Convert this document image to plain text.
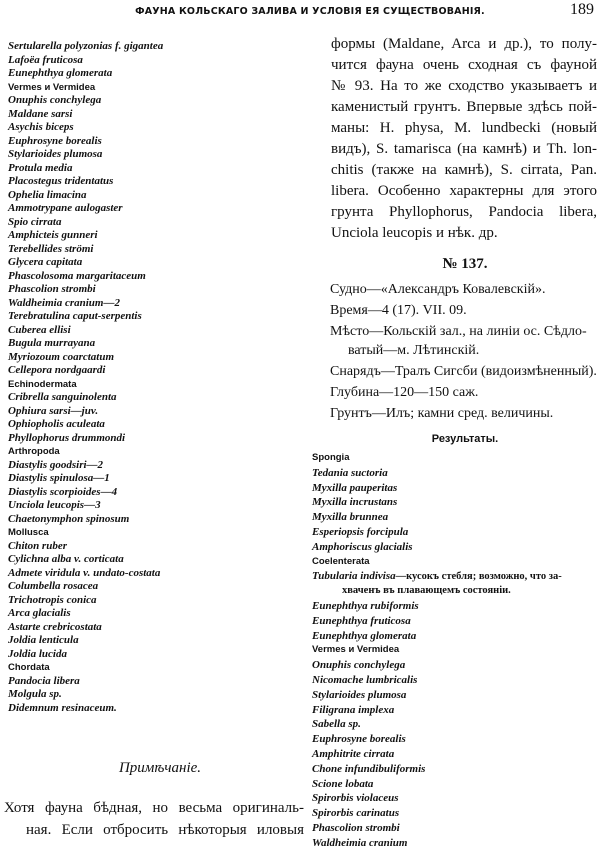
ФАУНА КОЛЬСКАГО ЗАЛИВА И УСЛОВІЯ ЕЯ СУЩЕСТВОВАНІЯ.	189
Sertularella polyzonias f. gigantea
Lafoëa fruticosa
Eunephthya glomerata
Vermes и Vermidea
Onuphis conchylega
Maldane sarsi
Asychis biceps
Euphrosyne borealis
Stylarioides plumosa
Protula media
Placostegus tridentatus
Ophelia limacina
Ammotrypane aulogaster
Spio cirrata
Amphicteis gunneri
Terebellides strömi
Glycera capitata
Phascolosoma margaritaceum
Phascolion strombi
Waldheimia cranium—2
Terebratulina caput-serpentis
Cuberea ellisi
Bugula murrayana
Myriozoum coarctatum
Cellepora nordgaardi
Echinodermata
Cribrella sanguinolenta
Ophiura sarsi—juv.
Ophiopholis aculeata
Phyllophorus drummondi
Arthropoda
Diastylis goodsiri—2
Diastylis spinulosa—1
Diastylis scorpioides—4
Unciola leucopis—3
Chaetonymphon spinosum
Mollusca
Chiton ruber
Cylichna alba v. corticata
Admete viridula v. undato-costata
Columbella rosacea
Trichotropis conica
Arca glacialis
Astarte crebricostata
Joldia lenticula
Joldia lucida
Chordata
Pandocia libera
Molgula sp.
Didemnum resinaceum.
Примѣчаніе.
Хотя фауна бѣдная, но весьма оригиналь-
ная. Если отбросить нѣкоторыя иловыя
формы (Maldane, Arca и др.), то полу-
чится фауна очень сходная съ фауной
№ 93. На то же сходство указываетъ и
каменистый грунтъ. Впервые здѣсь пой-
маны: H. physa, M. lundbecki (новый
видъ), S. tamarisca (на камнѣ) и Th. lon-
chitis (также на камнѣ), S. cirrata, Pan.
libera. Особенно характерны для этого
грунта Phyllophorus, Pandocia libera,
Unciola leucopis и нѣк. др.
№ 137.
Судно—«Александръ Ковалевскій».
Время—4 (17). VII. 09.
Мѣсто—Кольскій зал., на линіи ос. Сѣдло-
ватый—м. Лѣтинскій.
Снарядъ—Тралъ Сигсби (видоизмѣненный).
Глубина—120—150 саж.
Грунтъ—Илъ; камни сред. величины.
Результаты.
Spongia
Tedania suctoria
Myxilla pauperitas
Myxilla incrustans
Myxilla brunnea
Esperiopsis forcipula
Amphoriscus glacialis
Coelenterata
Tubularia indivisa—кусокъ стебля; возможно, что за-
хваченъ въ плавающемъ состояніи.
Eunephthya rubiformis
Eunephthya fruticosa
Eunephthya glomerata
Vermes и Vermidea
Onuphis conchylega
Nicomache lumbricalis
Stylarioides plumosa
Filigrana implexa
Sabella sp.
Euphrosyne borealis
Amphitrite cirrata
Chone infundibuliformis
Scione lobata
Spirorbis violaceus
Spirorbis carinatus
Phascolion strombi
Waldheimia cranium
